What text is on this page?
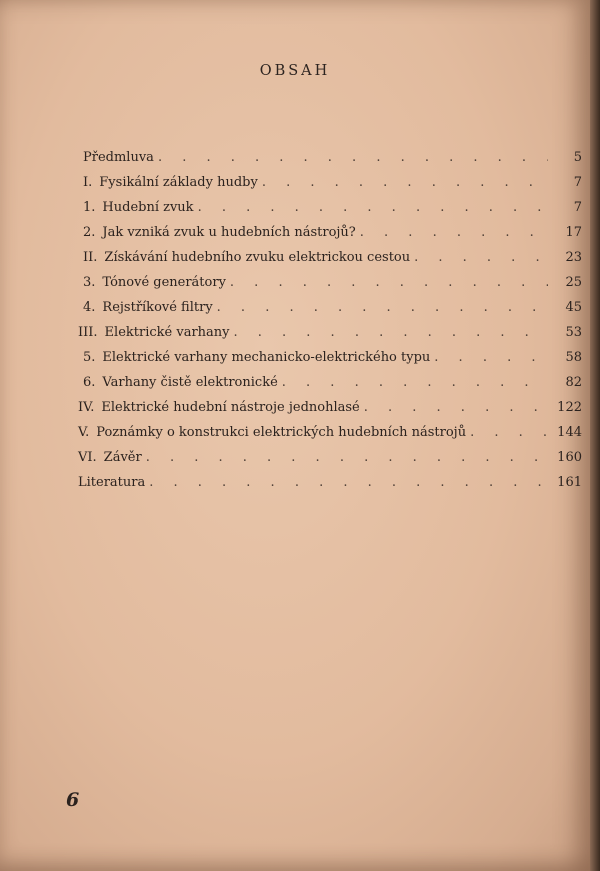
OBSAH
Předmluva . . .	5
I. Fysikální základy hudby . . .	7
1. Hudební zvuk . . .	7
2. Jak vzniká zvuk u hudebních nástrojů? . . .	17
II. Získávání hudebního zvuku elektrickou cestou . . .	23
3. Tónové generátory . . .	25
4. Rejstříkové filtry . . .	45
III. Elektrické varhany . . .	53
5. Elektrické varhany mechanicko-elektrického typu . . .	58
6. Varhany čistě elektronické . . .	82
IV. Elektrické hudební nástroje jednohlasé . . .	122
V. Poznámky o konstrukci elektrických hudebních nástrojů . . .	144
VI. Závěr . . .	160
Literatura . . .	161
6
